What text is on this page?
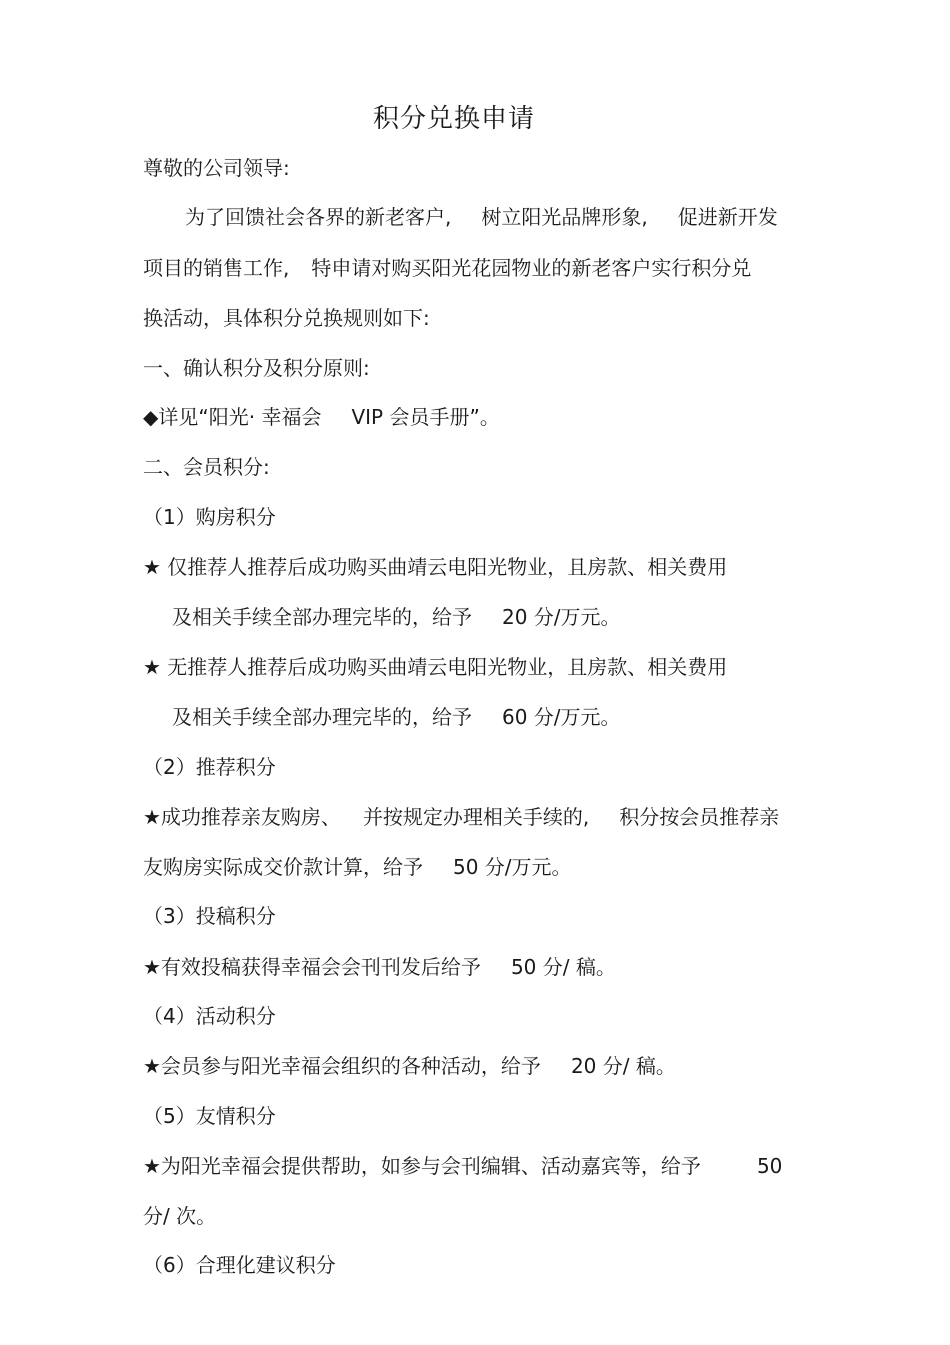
积分兑换申请
尊敬的公司领导:
为了回馈社会各界的新老客户, 树立阳光品牌形象, 促进新开发
项目的销售工作, 特申请对购买阳光花园物业的新老客户实行积分兑
换活动，具体积分兑换规则如下:
一、确认积分及积分原则:
◆详见“阳光· 幸福会 VIP 会员手册”。
二、会员积分:
（1）购房积分
★ 仅推荐人推荐后成功购买曲靖云电阳光物业，且房款、相关费用
及相关手续全部办理完毕的，给予 20 分/万元。
★ 无推荐人推荐后成功购买曲靖云电阳光物业，且房款、相关费用
及相关手续全部办理完毕的，给予 60 分/万元。
（2）推荐积分
★成功推荐亲友购房、 并按规定办理相关手续的, 积分按会员推荐亲
友购房实际成交价款计算，给予 50 分/万元。
（3）投稿积分
★有效投稿获得幸福会会刊刊发后给予 50 分/ 稿。
（4）活动积分
★会员参与阳光幸福会组织的各种活动，给予 20 分/ 稿。
（5）友情积分
★为阳光幸福会提供帮助，如参与会刊编辑、活动嘉宾等，给予	50
分/ 次。
（6）合理化建议积分
